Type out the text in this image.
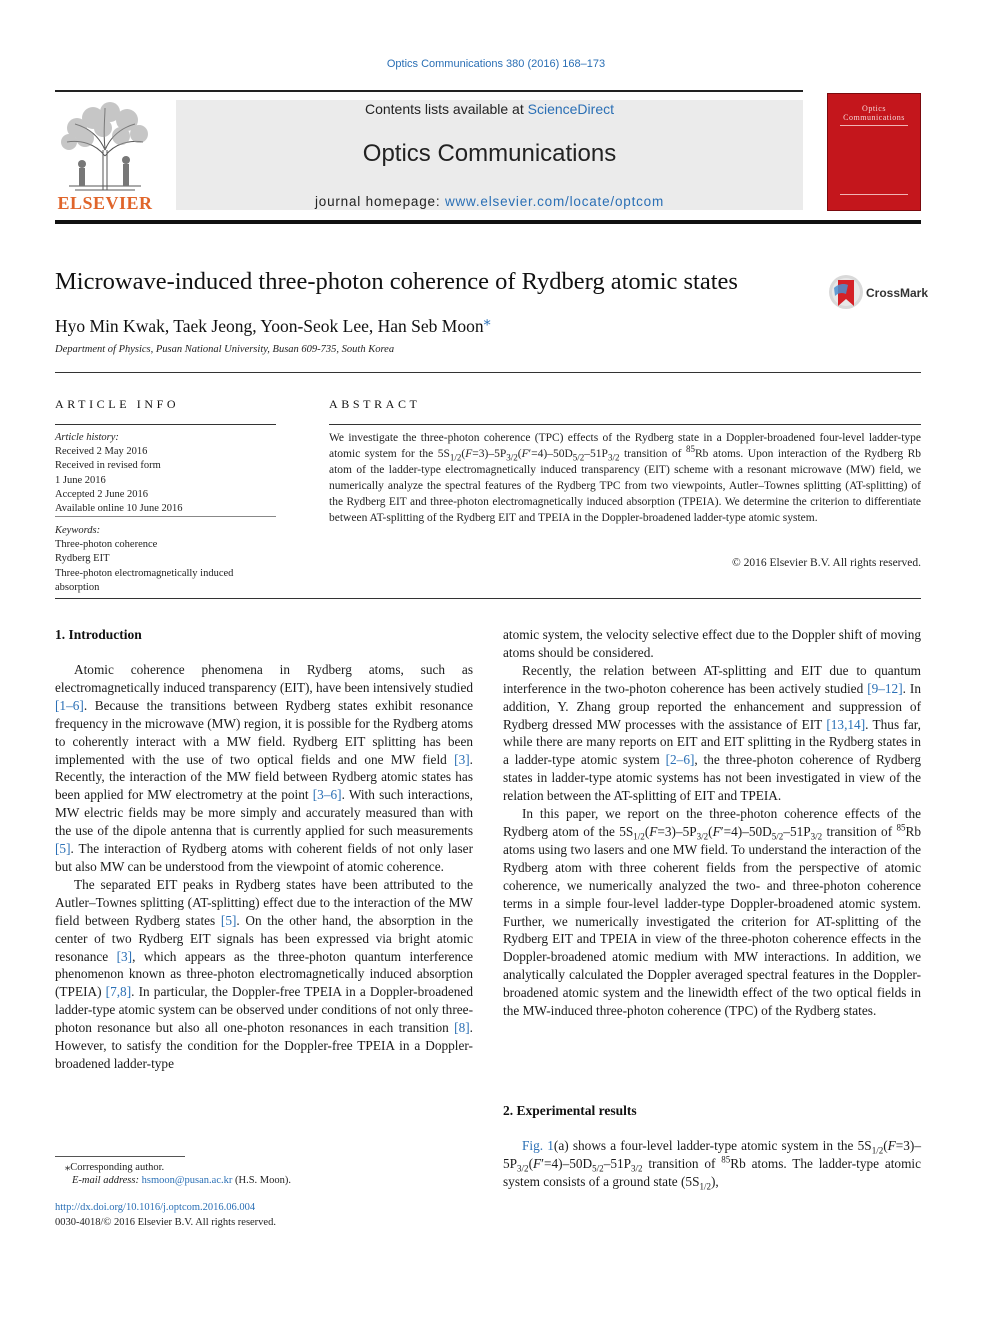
Optics Communications 380 (2016) 168–173
ELSEVIER
Contents lists available at ScienceDirect
Optics Communications
journal homepage: www.elsevier.com/locate/optcom
Optics
Communications
Microwave-induced three-photon coherence of Rydberg atomic states	CrossMark
Hyo Min Kwak, Taek Jeong, Yoon-Seok Lee, Han Seb Moon⁎
Department of Physics, Pusan National University, Busan 609-735, South Korea
ARTICLE INFO	ABSTRACT

Article history:

Received 2 May 2016

Received in revised form

1 June 2016

Accepted 2 June 2016

Available online 10 June 2016

Keywords:

Three-photon coherence

Rydberg EIT

Three-photon electromagnetically induced

absorption

We investigate the three-photon coherence (TPC) effects of the Rydberg state in a Doppler-broadened four-level ladder-type atomic system for the $5S_{1/2}(F=3)-5P_{3/2}(F'=4)-50D_{5/2}-51P_{3/2}$ transition of $^{85}$Rb atoms. Upon interaction of the Rydberg Rb atom of the ladder-type electromagnetically induced transparency (EIT) scheme with a resonant microwave (MW) field, we numerically analyze the spectral features of the Rydberg TPC from two viewpoints, Autler–Townes splitting (AT-splitting) of the Rydberg EIT and three-photon electromagnetically induced absorption (TPEIA). We determine the criterion to differentiate between AT-splitting of the Rydberg EIT and TPEIA in the Doppler-broadened ladder-type atomic system.
© 2016 Elsevier B.V. All rights reserved.
1. Introduction

Atomic coherence phenomena in Rydberg atoms, such as electromagnetically induced transparency (EIT), have been intensively studied [1–6]. Because the transitions between Rydberg states exhibit resonance frequency in the microwave (MW) region, it is possible for the Rydberg atoms to coherently interact with a MW field. Rydberg EIT splitting has been implemented with the use of two optical fields and one MW field [3]. Recently, the interaction of the MW field between Rydberg atomic states has been applied for MW electrometry at the point [3–6]. With such interactions, MW electric fields may be more simply and accurately measured than with the use of the dipole antenna that is currently applied for such measurements [5]. The interaction of Rydberg atoms with coherent fields of not only laser but also MW can be understood from the viewpoint of atomic coherence.

The separated EIT peaks in Rydberg states have been attributed to the Autler–Townes splitting (AT-splitting) effect due to the interaction of the MW field between Rydberg states [5]. On the other hand, the absorption in the center of two Rydberg EIT signals has been expressed via bright atomic resonance [3], which appears as the three-photon quantum interference phenomenon known as three-photon electromagnetically induced absorption (TPEIA) [7,8]. In particular, the Doppler-free TPEIA in a Doppler-broadened ladder-type atomic system can be observed under conditions of not only three-photon resonance but also all one-photon resonances in each transition [8]. However, to satisfy the condition for the Doppler-free TPEIA in a Doppler-broadened ladder-type

atomic system, the velocity selective effect due to the Doppler shift of moving atoms should be considered.

Recently, the relation between AT-splitting and EIT due to quantum interference in the two-photon coherence has been actively studied [9–12]. In addition, Y. Zhang group reported the enhancement and suppression of Rydberg dressed MW processes with the assistance of EIT [13,14]. Thus far, while there are many reports on EIT and EIT splitting in the Rydberg states in a ladder-type atomic system [2–6], the three-photon coherence of Rydberg states in ladder-type atomic systems has not been investigated in view of the relation between the AT-splitting of EIT and TPEIA.

In this paper, we report on the three-photon coherence effects of the Rydberg atom of the $5S_{1/2}(F=3)-5P_{3/2}(F'=4)-50D_{5/2}-51P_{3/2}$ transition of $^{85}$Rb atoms using two lasers and one MW field. To understand the interaction of the Rydberg atom with three coherent fields from the perspective of atomic coherence, we numerically analyzed the two- and three-photon coherence terms in a simple four-level ladder-type Doppler-broadened atomic system. Further, we numerically investigated the criterion for AT-splitting of the Rydberg EIT and TPEIA in view of the three-photon coherence effects in the Doppler-broadened atomic medium with MW interactions. In addition, we analytically calculated the Doppler averaged spectral features in the Doppler-broadened atomic system and the linewidth effect of the two optical fields in the MW-induced three-photon coherence (TPC) of the Rydberg states.

2. Experimental results

Fig. 1(a) shows a four-level ladder-type atomic system in the $5S_{1/2}(F=3)-5P_{3/2}(F'=4)-50D_{5/2}-51P_{3/2}$ transition of $^{85}$Rb atoms. The ladder-type atomic system consists of a ground state $(5S_{1/2})$,

⁎Corresponding author.
E-mail address: hsmoon@pusan.ac.kr (H.S. Moon).
http://dx.doi.org/10.1016/j.optcom.2016.06.004
0030-4018/© 2016 Elsevier B.V. All rights reserved.
